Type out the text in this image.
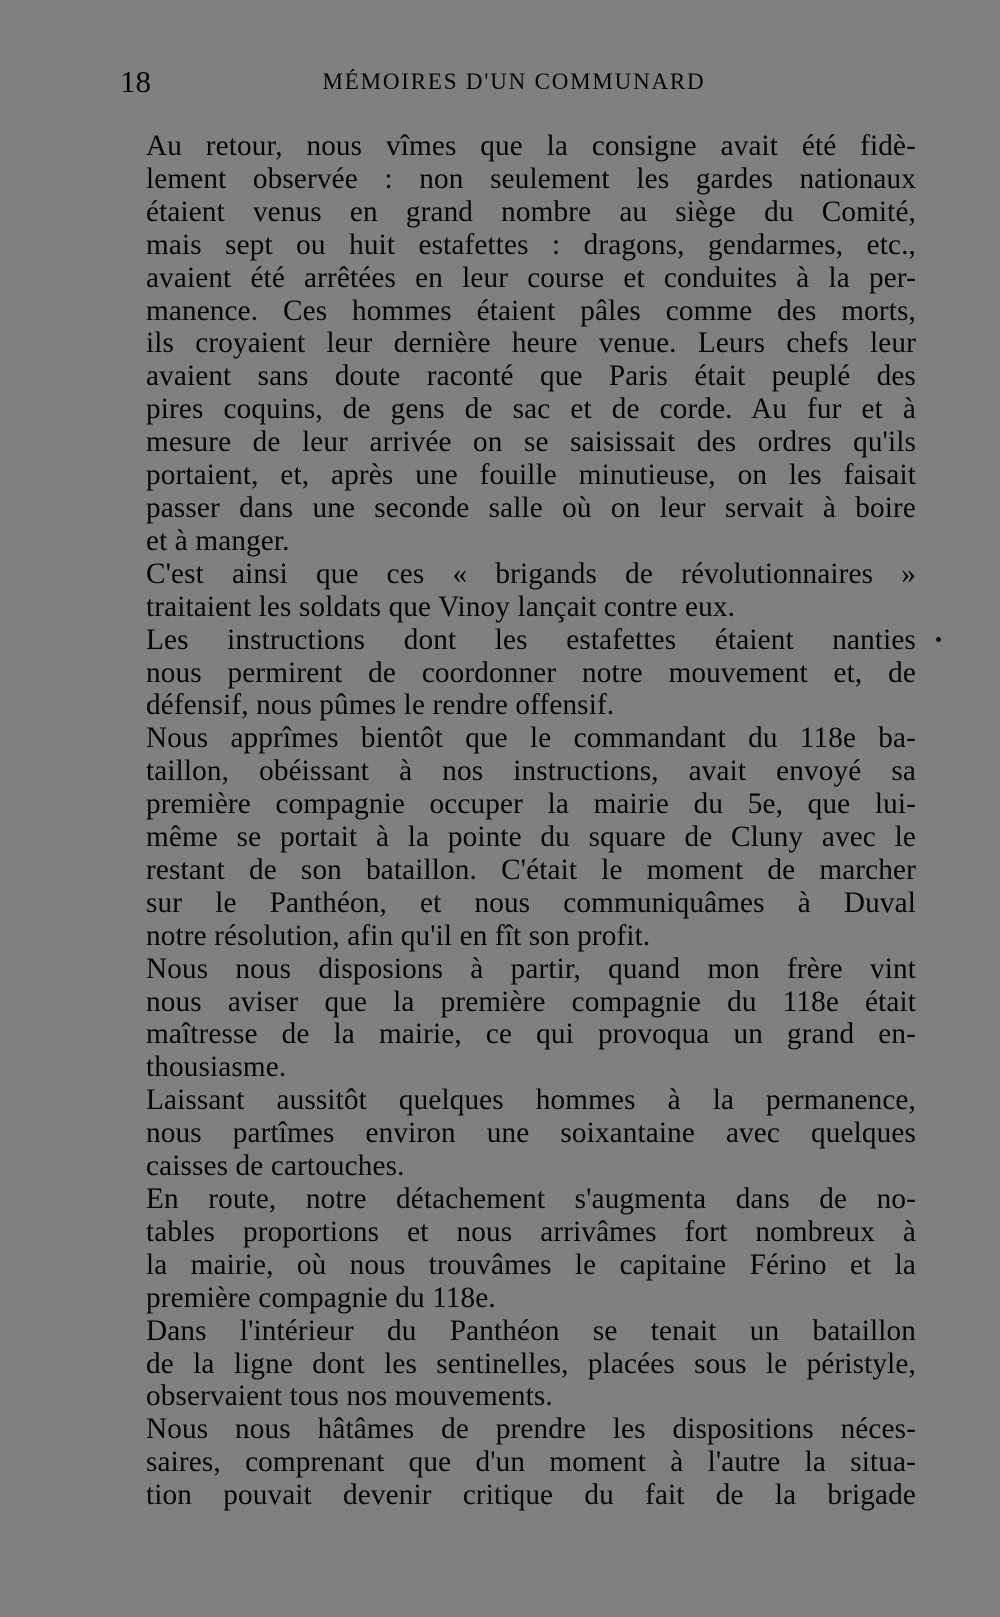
18	MÉMOIRES D'UN COMMUNARD

Au retour, nous vîmes que la consigne avait été fidè-
lement observée : non seulement les gardes nationaux
étaient venus en grand nombre au siège du Comité,
mais sept ou huit estafettes : dragons, gendarmes, etc.,
avaient été arrêtées en leur course et conduites à la per-
manence. Ces hommes étaient pâles comme des morts,
ils croyaient leur dernière heure venue. Leurs chefs leur
avaient sans doute raconté que Paris était peuplé des
pires coquins, de gens de sac et de corde. Au fur et à
mesure de leur arrivée on se saisissait des ordres qu'ils
portaient, et, après une fouille minutieuse, on les faisait
passer dans une seconde salle où on leur servait à boire
et à manger.

C'est ainsi que ces « brigands de révolutionnaires »
traitaient les soldats que Vinoy lançait contre eux.

Les instructions dont les estafettes étaient nanties
nous permirent de coordonner notre mouvement et, de
défensif, nous pûmes le rendre offensif.

Nous apprîmes bientôt que le commandant du 118e ba-
taillon, obéissant à nos instructions, avait envoyé sa
première compagnie occuper la mairie du 5e, que lui-
même se portait à la pointe du square de Cluny avec le
restant de son bataillon. C'était le moment de marcher
sur le Panthéon, et nous communiquâmes à Duval
notre résolution, afin qu'il en fît son profit.

Nous nous disposions à partir, quand mon frère vint
nous aviser que la première compagnie du 118e était
maîtresse de la mairie, ce qui provoqua un grand en-
thousiasme.

Laissant aussitôt quelques hommes à la permanence,
nous partîmes environ une soixantaine avec quelques
caisses de cartouches.

En route, notre détachement s'augmenta dans de no-
tables proportions et nous arrivâmes fort nombreux à
la mairie, où nous trouvâmes le capitaine Férino et la
première compagnie du 118e.

Dans l'intérieur du Panthéon se tenait un bataillon
de la ligne dont les sentinelles, placées sous le péristyle,
observaient tous nos mouvements.

Nous nous hâtâmes de prendre les dispositions néces-
saires, comprenant que d'un moment à l'autre la situa-
tion pouvait devenir critique du fait de la brigade
